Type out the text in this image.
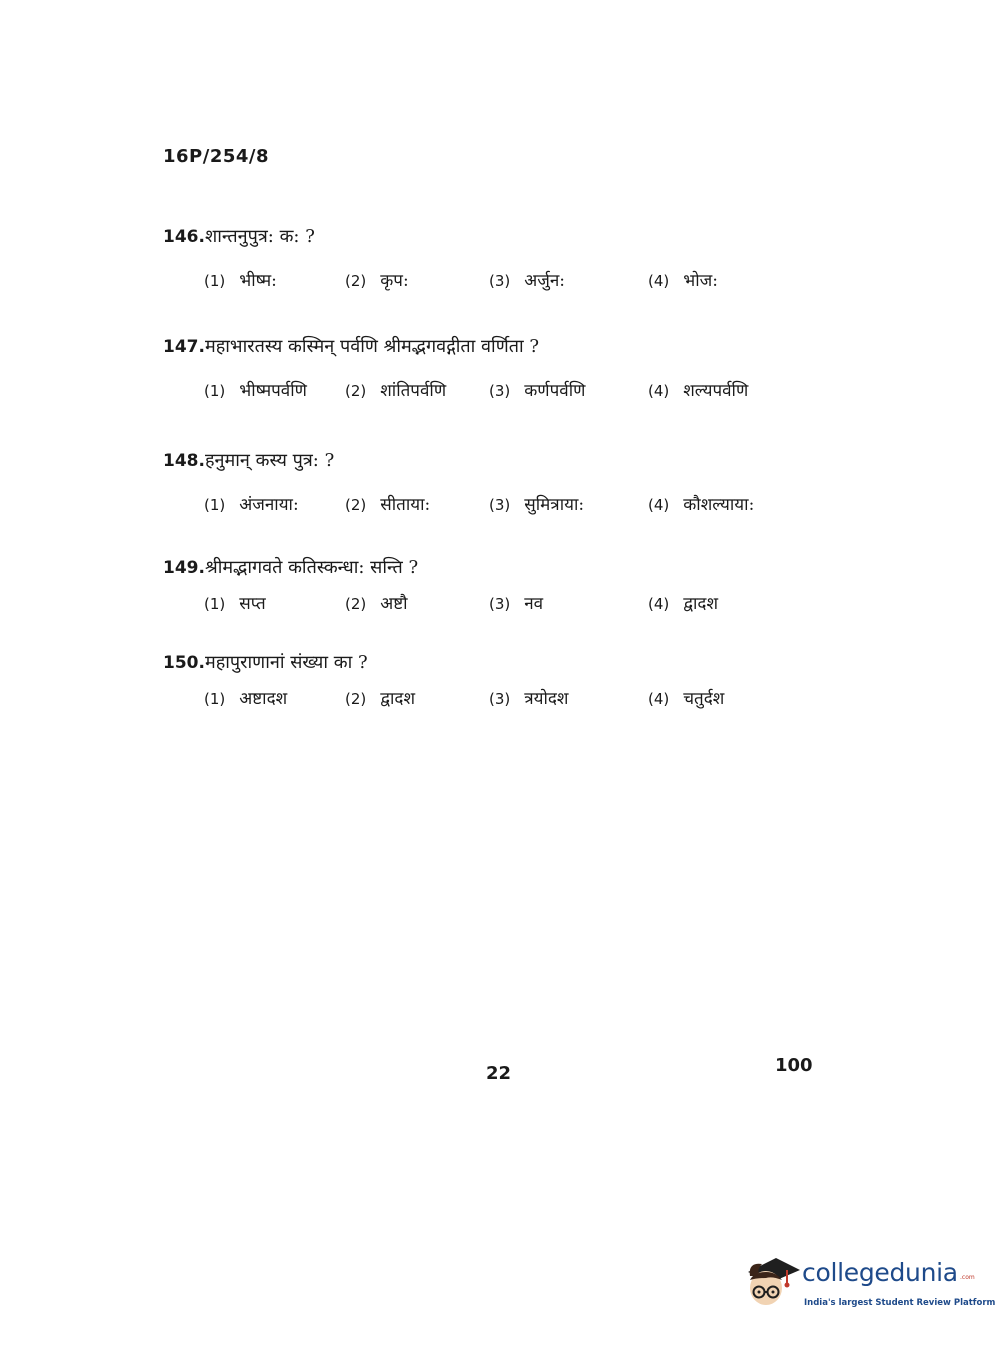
16P/254/8
146.शान्तनुपुत्र: क: ?
(1) भीष्म:	(2) कृप:	(3) अर्जुन:	(4) भोज:
147.महाभारतस्य कस्मिन् पर्वणि श्रीमद्भगवद्गीता वर्णिता ?
(1) भीष्मपर्वणि	(2) शांतिपर्वणि	(3) कर्णपर्वणि	(4) शल्यपर्वणि
148.हनुमान् कस्य पुत्र: ?
(1) अंजनाया:	(2) सीताया:	(3) सुमित्राया:	(4) कौशल्याया:
149.श्रीमद्भागवते कतिस्कन्धा: सन्ति ?
(1) सप्त	(2) अष्टौ	(3) नव	(4) द्वादश
150.महापुराणानां संख्या का ?
(1) अष्टादश	(2) द्वादश	(3) त्रयोदश	(4) चतुर्दश
22	100
collegedunia .com
India's largest Student Review Platform
